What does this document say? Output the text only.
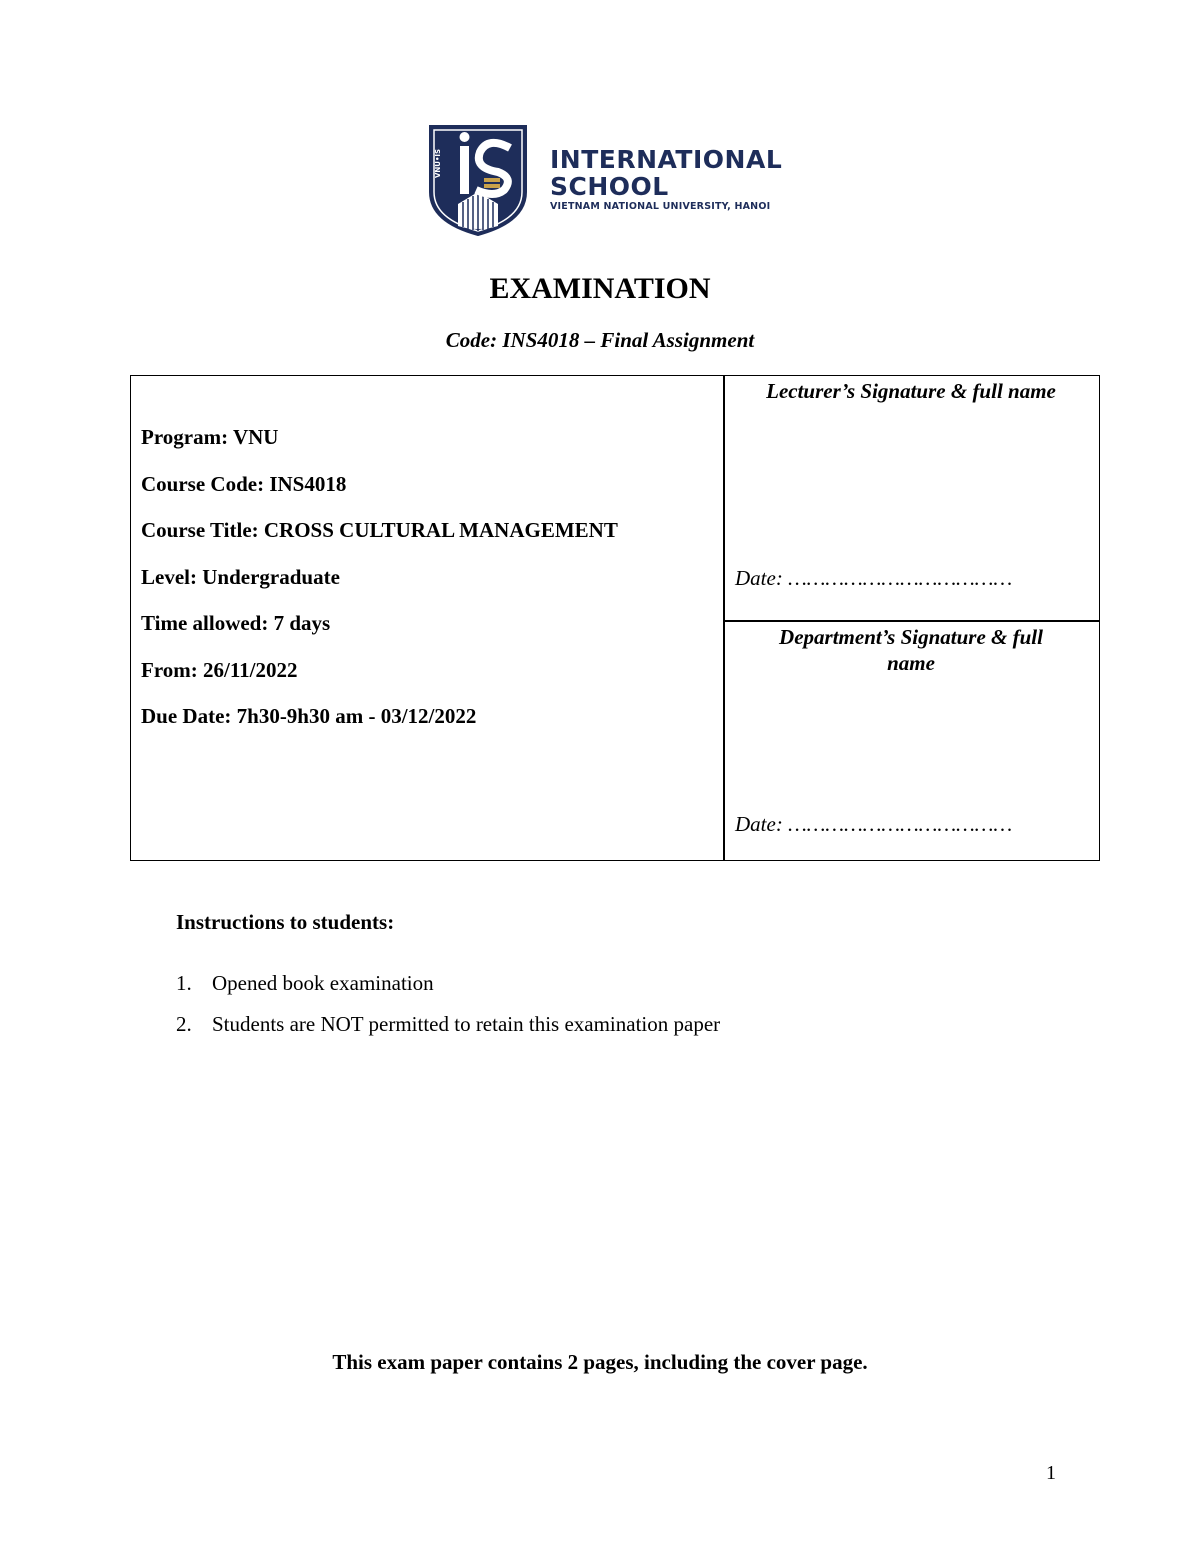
VNU•IS	INTERNATIONAL
SCHOOL
VIETNAM NATIONAL UNIVERSITY, HANOI
EXAMINATION
Code: INS4018 – Final Assignment
Program: VNU
Course Code: INS4018
Course Title: CROSS CULTURAL MANAGEMENT
Level: Undergraduate
Time allowed: 7 days
From: 26/11/2022
Due Date: 7h30-9h30 am - 03/12/2022
Lecturer’s Signature & full name
Date: ………………………………
Department’s Signature & full name
Date: ………………………………
Instructions to students:
1. Opened book examination
2. Students are NOT permitted to retain this examination paper
This exam paper contains 2 pages, including the cover page.
1
